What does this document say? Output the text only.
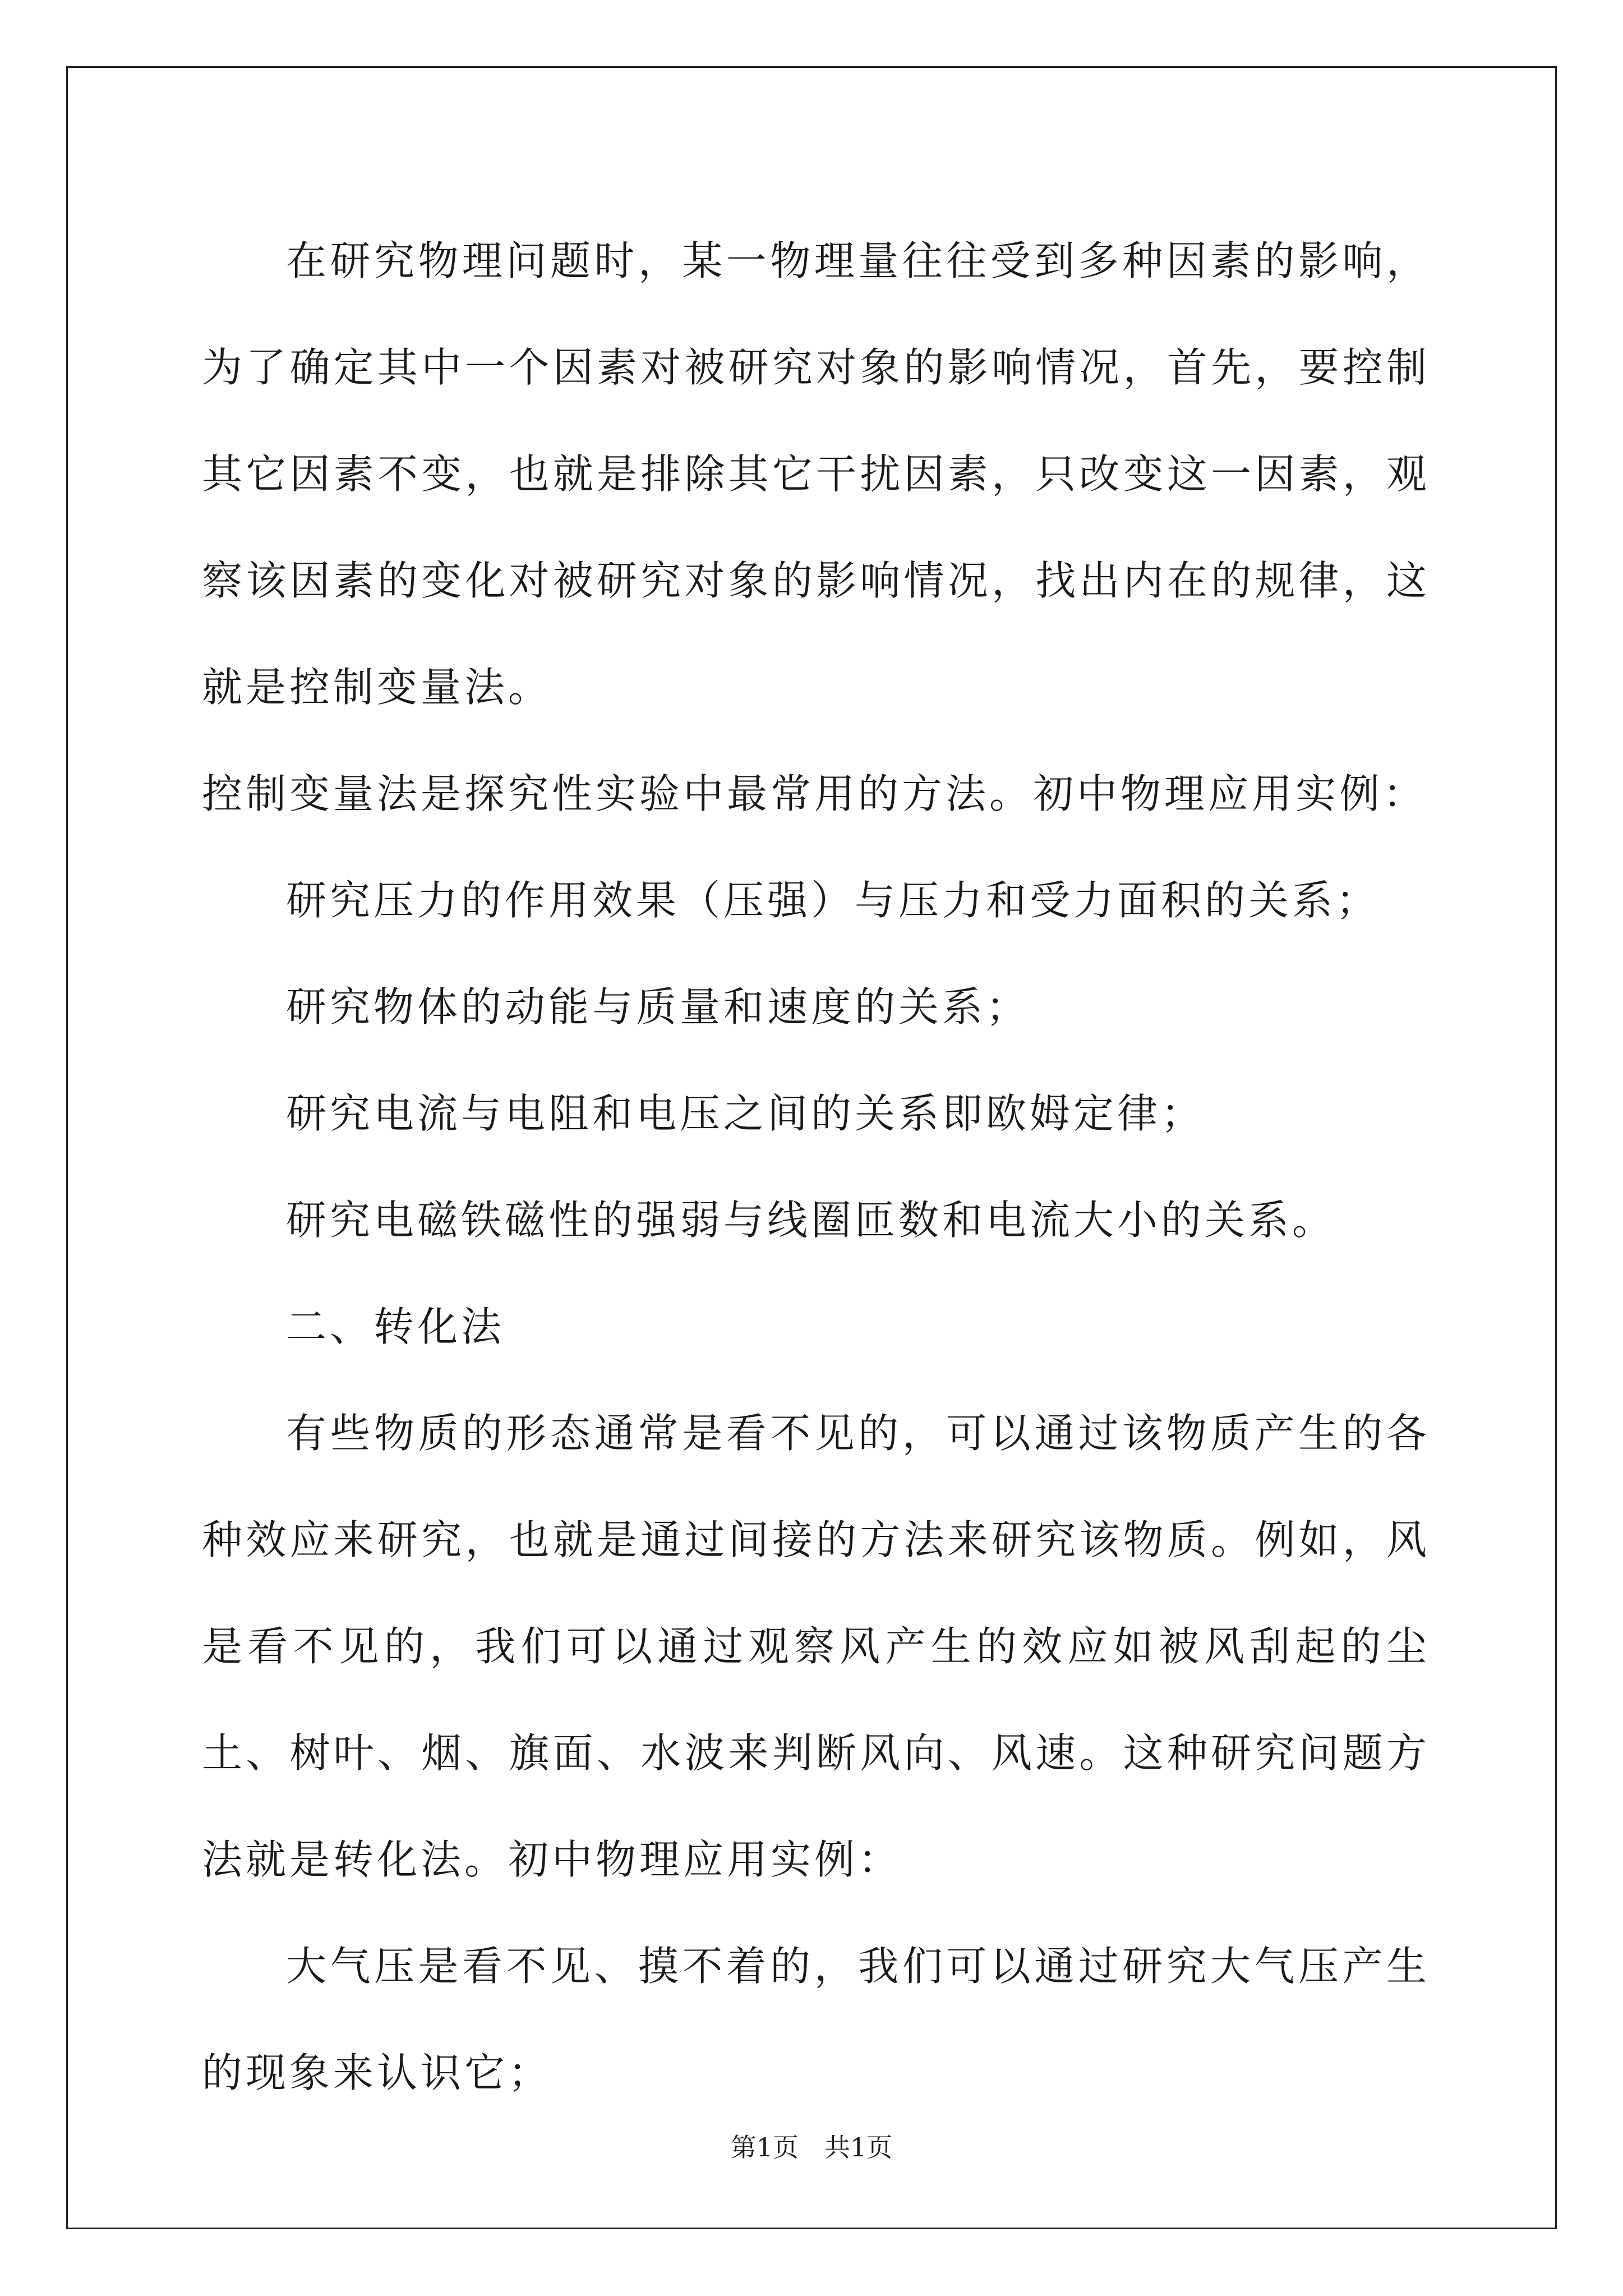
在研究物理问题时，某一物理量往往受到多种因素的影响，为了确定其中一个因素对被研究对象的影响情况，首先，要控制其它因素不变，也就是排除其它干扰因素，只改变这一因素，观察该因素的变化对被研究对象的影响情况，找出内在的规律，这就是控制变量法。

控制变量法是探究性实验中最常用的方法。初中物理应用实例：

研究压力的作用效果（压强）与压力和受力面积的关系；

研究物体的动能与质量和速度的关系；

研究电流与电阻和电压之间的关系即欧姆定律；

研究电磁铁磁性的强弱与线圈匝数和电流大小的关系。

二、转化法

有些物质的形态通常是看不见的，可以通过该物质产生的各种效应来研究，也就是通过间接的方法来研究该物质。例如，风是看不见的，我们可以通过观察风产生的效应如被风刮起的尘土、树叶、烟、旗面、水波来判断风向、风速。这种研究问题方法就是转化法。初中物理应用实例：

大气压是看不见、摸不着的，我们可以通过研究大气压产生的现象来认识它；

第1页　共1页
